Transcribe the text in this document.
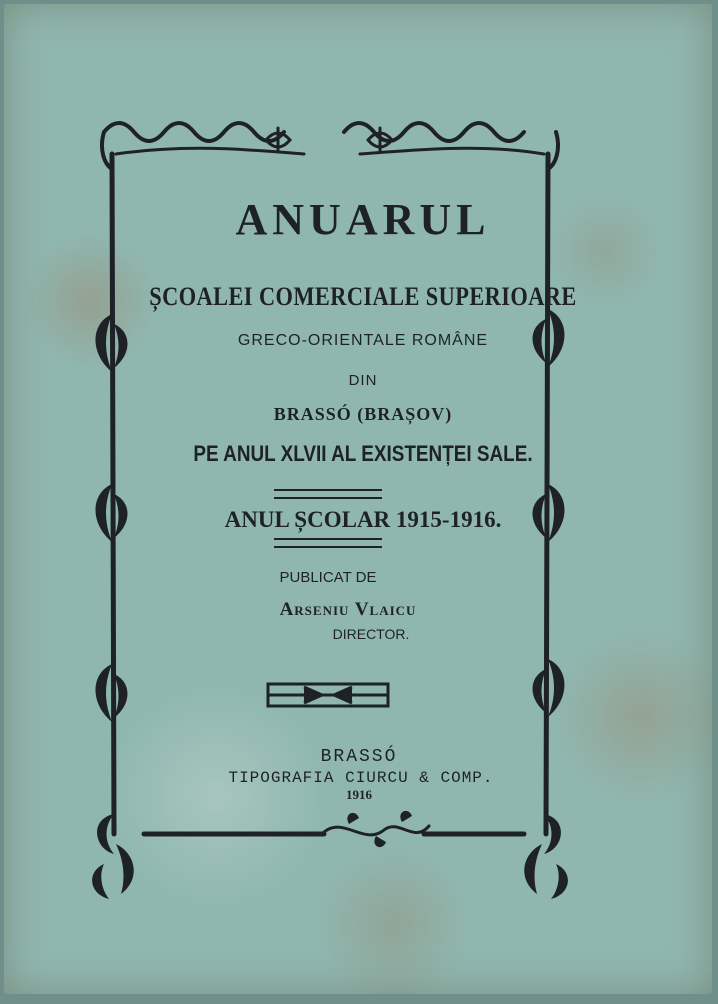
ANUARUL
ȘCOALEI COMERCIALE SUPERIOARE
GRECO-ORIENTALE ROMÂNE
DIN
BRASSÓ (BRAȘOV)
PE ANUL XLVII AL EXISTENȚEI SALE.
ANUL ȘCOLAR 1915-1916.
PUBLICAT DE
Arseniu Vlaicu
DIRECTOR.
BRASSÓ
TIPOGRAFIA CIURCU & COMP.
1916
